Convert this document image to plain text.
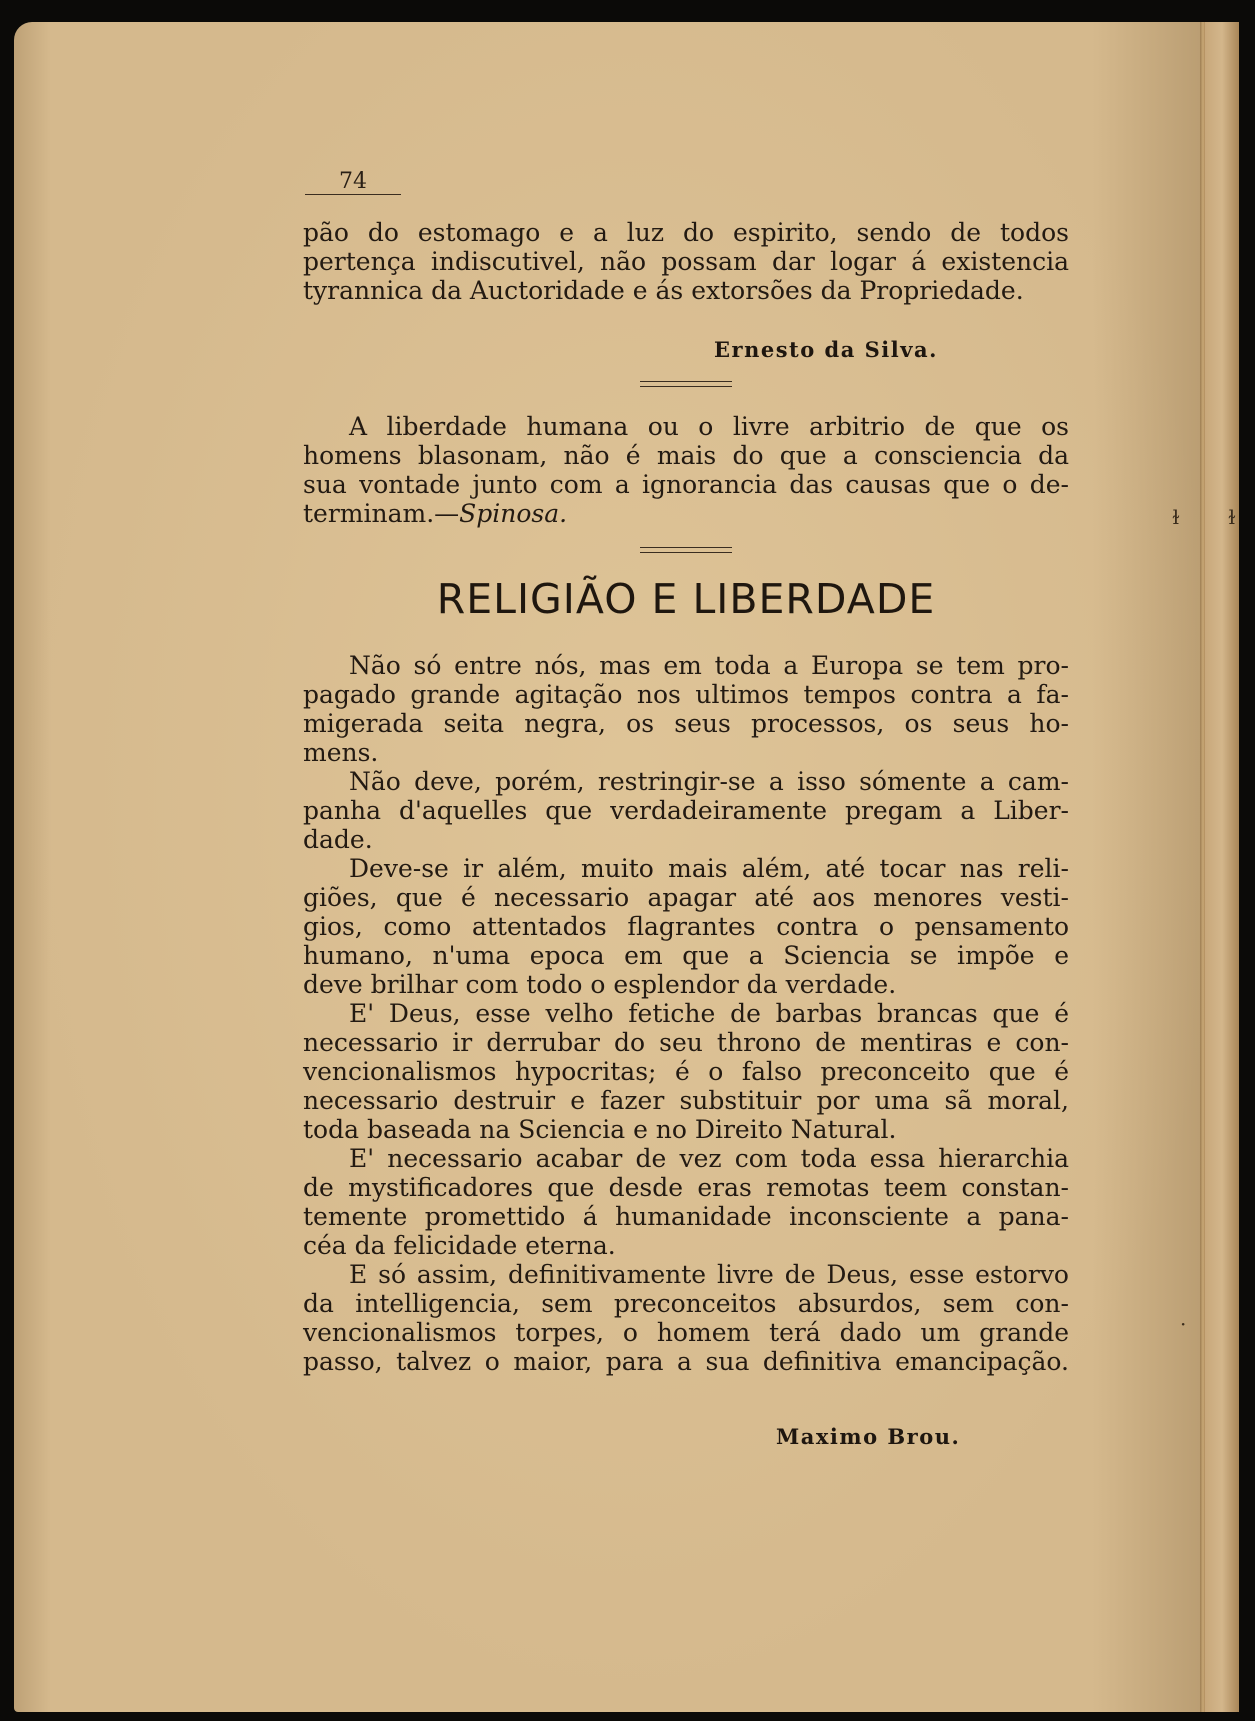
74
pão do estomago e a luz do espirito, sendo de todos
pertença indiscutivel, não possam dar logar á existencia
tyrannica da Auctoridade e ás extorsões da Propriedade.
Ernesto da Silva.
A liberdade humana ou o livre arbitrio de que os
homens blasonam, não é mais do que a consciencia da
sua vontade junto com a ignorancia das causas que o de-
terminam.—Spinosa.
RELIGIÃO E LIBERDADE
Não só entre nós, mas em toda a Europa se tem pro-
pagado grande agitação nos ultimos tempos contra a fa-
migerada seita negra, os seus processos, os seus ho-
mens.
Não deve, porém, restringir-se a isso sómente a cam-
panha d'aquelles que verdadeiramente pregam a Liber-
dade.
Deve-se ir além, muito mais além, até tocar nas reli-
giões, que é necessario apagar até aos menores vesti-
gios, como attentados flagrantes contra o pensamento
humano, n'uma epoca em que a Sciencia se impõe e
deve brilhar com todo o esplendor da verdade.
E' Deus, esse velho fetiche de barbas brancas que é
necessario ir derrubar do seu throno de mentiras e con-
vencionalismos hypocritas; é o falso preconceito que é
necessario destruir e fazer substituir por uma sã moral,
toda baseada na Sciencia e no Direito Natural.
E' necessario acabar de vez com toda essa hierarchia
de mystificadores que desde eras remotas teem constan-
temente promettido á humanidade inconsciente a pana-
céa da felicidade eterna.
E só assim, definitivamente livre de Deus, esse estorvo
da intelligencia, sem preconceitos absurdos, sem con-
vencionalismos torpes, o homem terá dado um grande
passo, talvez o maior, para a sua definitiva emancipação.
Maximo Brou.
ɫ ɫ
·
